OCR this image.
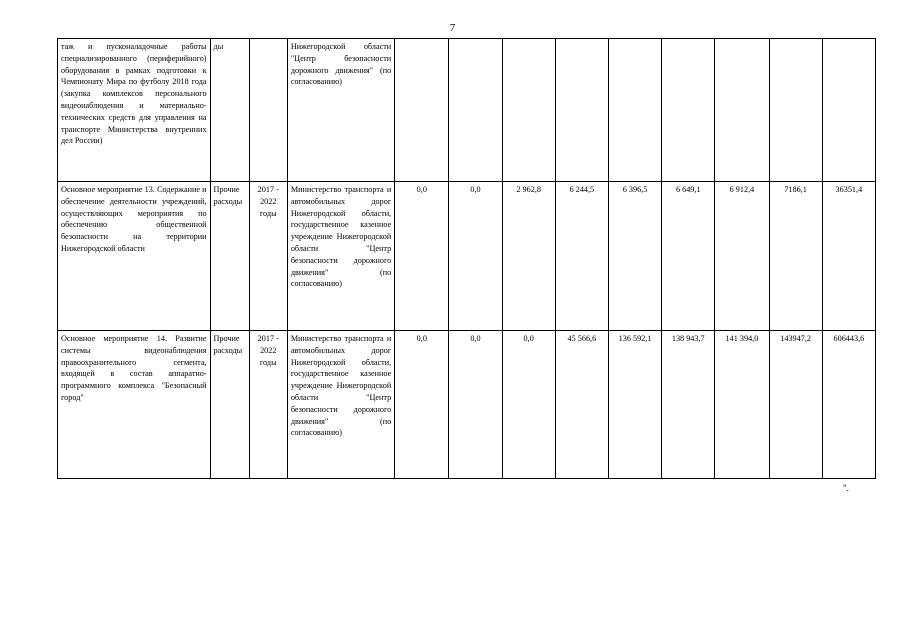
7
таж и пусконаладочные работы специализированного (периферийного) оборудования в рамках подготовки к Чемпионату Мира по футболу 2018 года (закупка комплексов персонального видеонаблюдения и материально-технических средств для управления на транспорте Министерства внутренних дел России)	ды		Нижегородской области "Центр безопасности дорожного движения" (по согласованию)									
Основное мероприятие 13. Содержание и обеспечение деятельности учреждений, осуществляющих мероприятия по обеспечению общественной безопасности на территории Нижегородской области	Прочие расходы	2017 - 2022 годы	Министерство транспорта и автомобильных дорог Нижегородской области, государственное казенное учреждение Нижегородской области "Центр безопасности дорожного движения" (по согласованию)	0,0	0,0	2 962,8	6 244,5	6 396,5	6 649,1	6 912,4	7186,1	36351,4
Основное мероприятие 14. Развитие системы видеонаблюдения правоохранительного сегмента, входящей в состав аппаратно-программного комплекса "Безопасный город"	Прочие расходы	2017 - 2022 годы	Министерство транспорта и автомобильных дорог Нижегородской области, государственное казенное учреждение Нижегородской области "Центр безопасности дорожного движения" (по согласованию)	0,0	0,0	0,0	45 566,6	136 592,1	138 943,7	141 394,0	143947,2	606443,6
".
